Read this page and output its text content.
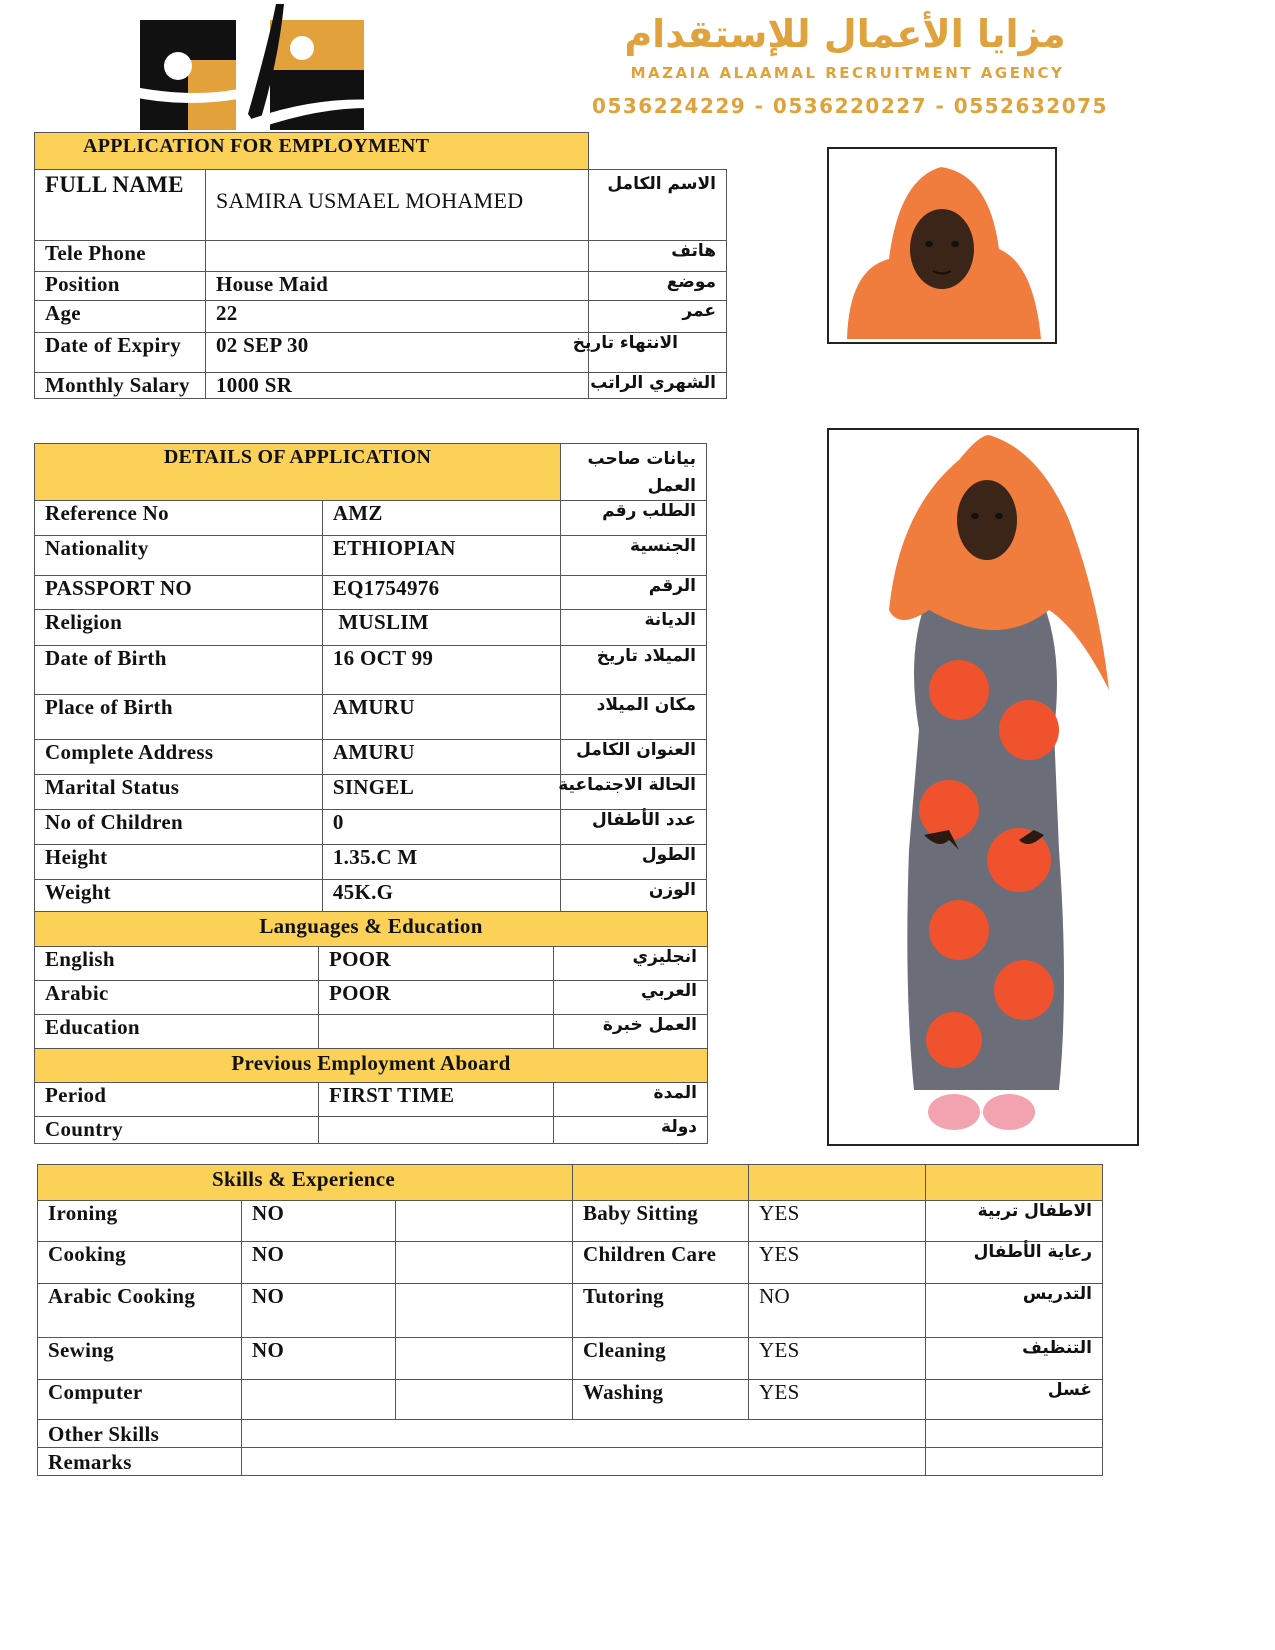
مزايا الأعمال للإستقدام
MAZAIA ALAAMAL RECRUITMENT AGENCY
0536224229 - 0536220227 - 0552632075
APPLICATION FOR EMPLOYMENT		
FULL NAME	SAMIRA USMAEL MOHAMED	الاسم الكامل
Tele Phone		هاتف
Position	House Maid	موضع
Age	22	عمر
Date of Expiry	02 SEP 30	الانتهاء تاريخ
Monthly Salary	1000 SR	الشهري الراتب
DETAILS OF APPLICATION		بيانات صاحب العمل
Reference No	AMZ	الطلب رقم
Nationality	ETHIOPIAN	الجنسية
PASSPORT NO	EQ1754976	الرقم
Religion	MUSLIM	الديانة
Date of Birth	16 OCT 99	الميلاد تاريخ
Place of Birth	AMURU	مكان الميلاد
Complete Address	AMURU	العنوان الكامل
Marital Status	SINGEL	الحالة الاجتماعية
No of Children	0	عدد الأطفال
Height	1.35.C M	الطول
Weight	45K.G	الوزن
Languages & Education		
English	POOR	انجليزي
Arabic	POOR	العربي
Education		العمل خبرة
Previous Employment Aboard		
Period	FIRST TIME	المدة
Country		دولة
Skills & Experience					
Ironing	NO		Baby Sitting	YES	الاطفال تربية
Cooking	NO		Children Care	YES	رعاية الأطفال
Arabic Cooking	NO		Tutoring	NO	التدريس
Sewing	NO		Cleaning	YES	التنظيف
Computer			Washing	YES	غسل
Other Skills					
Remarks					
